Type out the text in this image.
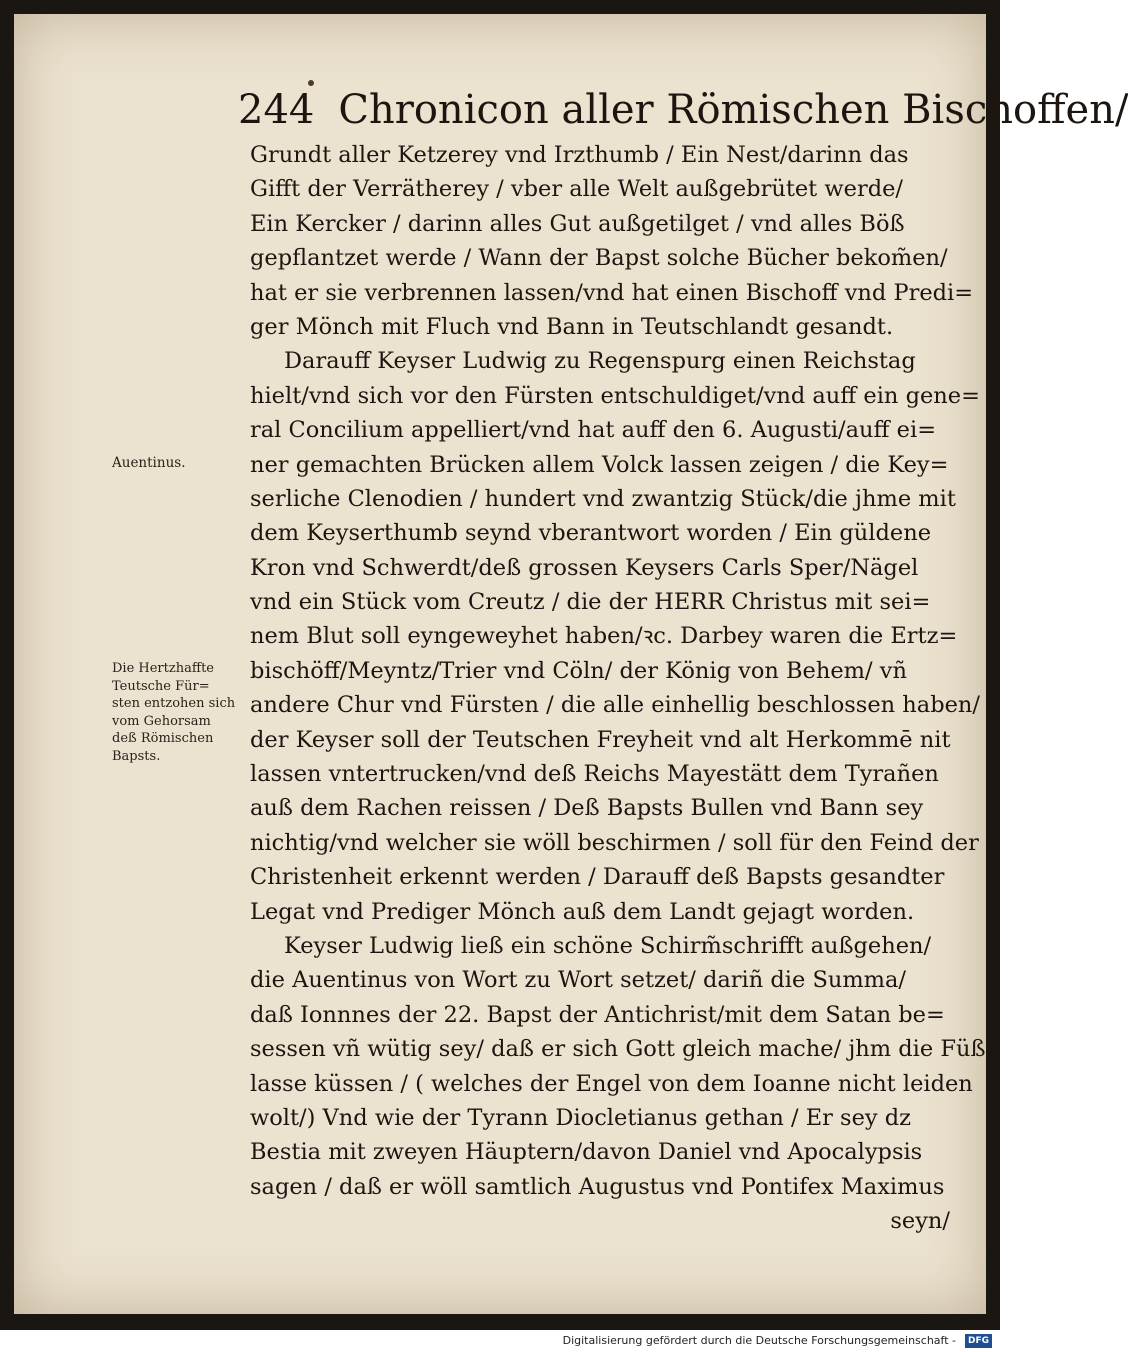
244 Chronicon aller Römischen Bischoffen/
Grundt aller Ketzerey vnd Irzthumb / Ein Nest/darinn das
Gifft der Verrätherey / vber alle Welt außgebrütet werde/
Ein Kercker / darinn alles Gut außgetilget / vnd alles Böß
gepflantzet werde / Wann der Bapst solche Bücher bekom̃en/
hat er sie verbrennen lassen/vnd hat einen Bischoff vnd Predi=
ger Mönch mit Fluch vnd Bann in Teutschlandt gesandt.
Darauff Keyser Ludwig zu Regenspurg einen Reichstag
hielt/vnd sich vor den Fürsten entschuldiget/vnd auff ein gene=
ral Concilium appelliert/vnd hat auff den 6. Augusti/auff ei=
ner gemachten Brücken allem Volck lassen zeigen / die Key=
serliche Clenodien / hundert vnd zwantzig Stück/die jhme mit
dem Keyserthumb seynd vberantwort worden / Ein güldene
Kron vnd Schwerdt/deß grossen Keysers Carls Sper/Nägel
vnd ein Stück vom Creutz / die der HERR Christus mit sei=
nem Blut soll eyngeweyhet haben/ꝛc. Darbey waren die Ertz=
bischöff/Meyntz/Trier vnd Cöln/ der König von Behem/ vñ
andere Chur vnd Fürsten / die alle einhellig beschlossen haben/
der Keyser soll der Teutschen Freyheit vnd alt Herkommē nit
lassen vntertrucken/vnd deß Reichs Mayestätt dem Tyrañen
auß dem Rachen reissen / Deß Bapsts Bullen vnd Bann sey
nichtig/vnd welcher sie wöll beschirmen / soll für den Feind der
Christenheit erkennt werden / Darauff deß Bapsts gesandter
Legat vnd Prediger Mönch auß dem Landt gejagt worden.
Keyser Ludwig ließ ein schöne Schirm̃schrifft außgehen/
die Auentinus von Wort zu Wort setzet/ dariñ die Summa/
daß Ionnnes der 22. Bapst der Antichrist/mit dem Satan be=
sessen vñ wütig sey/ daß er sich Gott gleich mache/ jhm die Füß
lasse küssen / ( welches der Engel von dem Ioanne nicht leiden
wolt/) Vnd wie der Tyrann Diocletianus gethan / Er sey dz
Bestia mit zweyen Häuptern/davon Daniel vnd Apocalypsis
sagen / daß er wöll samtlich Augustus vnd Pontifex Maximus
seyn/
Auentinus.
Die Hertzhaffte
Teutsche Für=
sten entzohen sich
vom Gehorsam
deß Römischen
Bapsts.
Digitalisierung gefördert durch die Deutsche Forschungsgemeinschaft -	DFG
